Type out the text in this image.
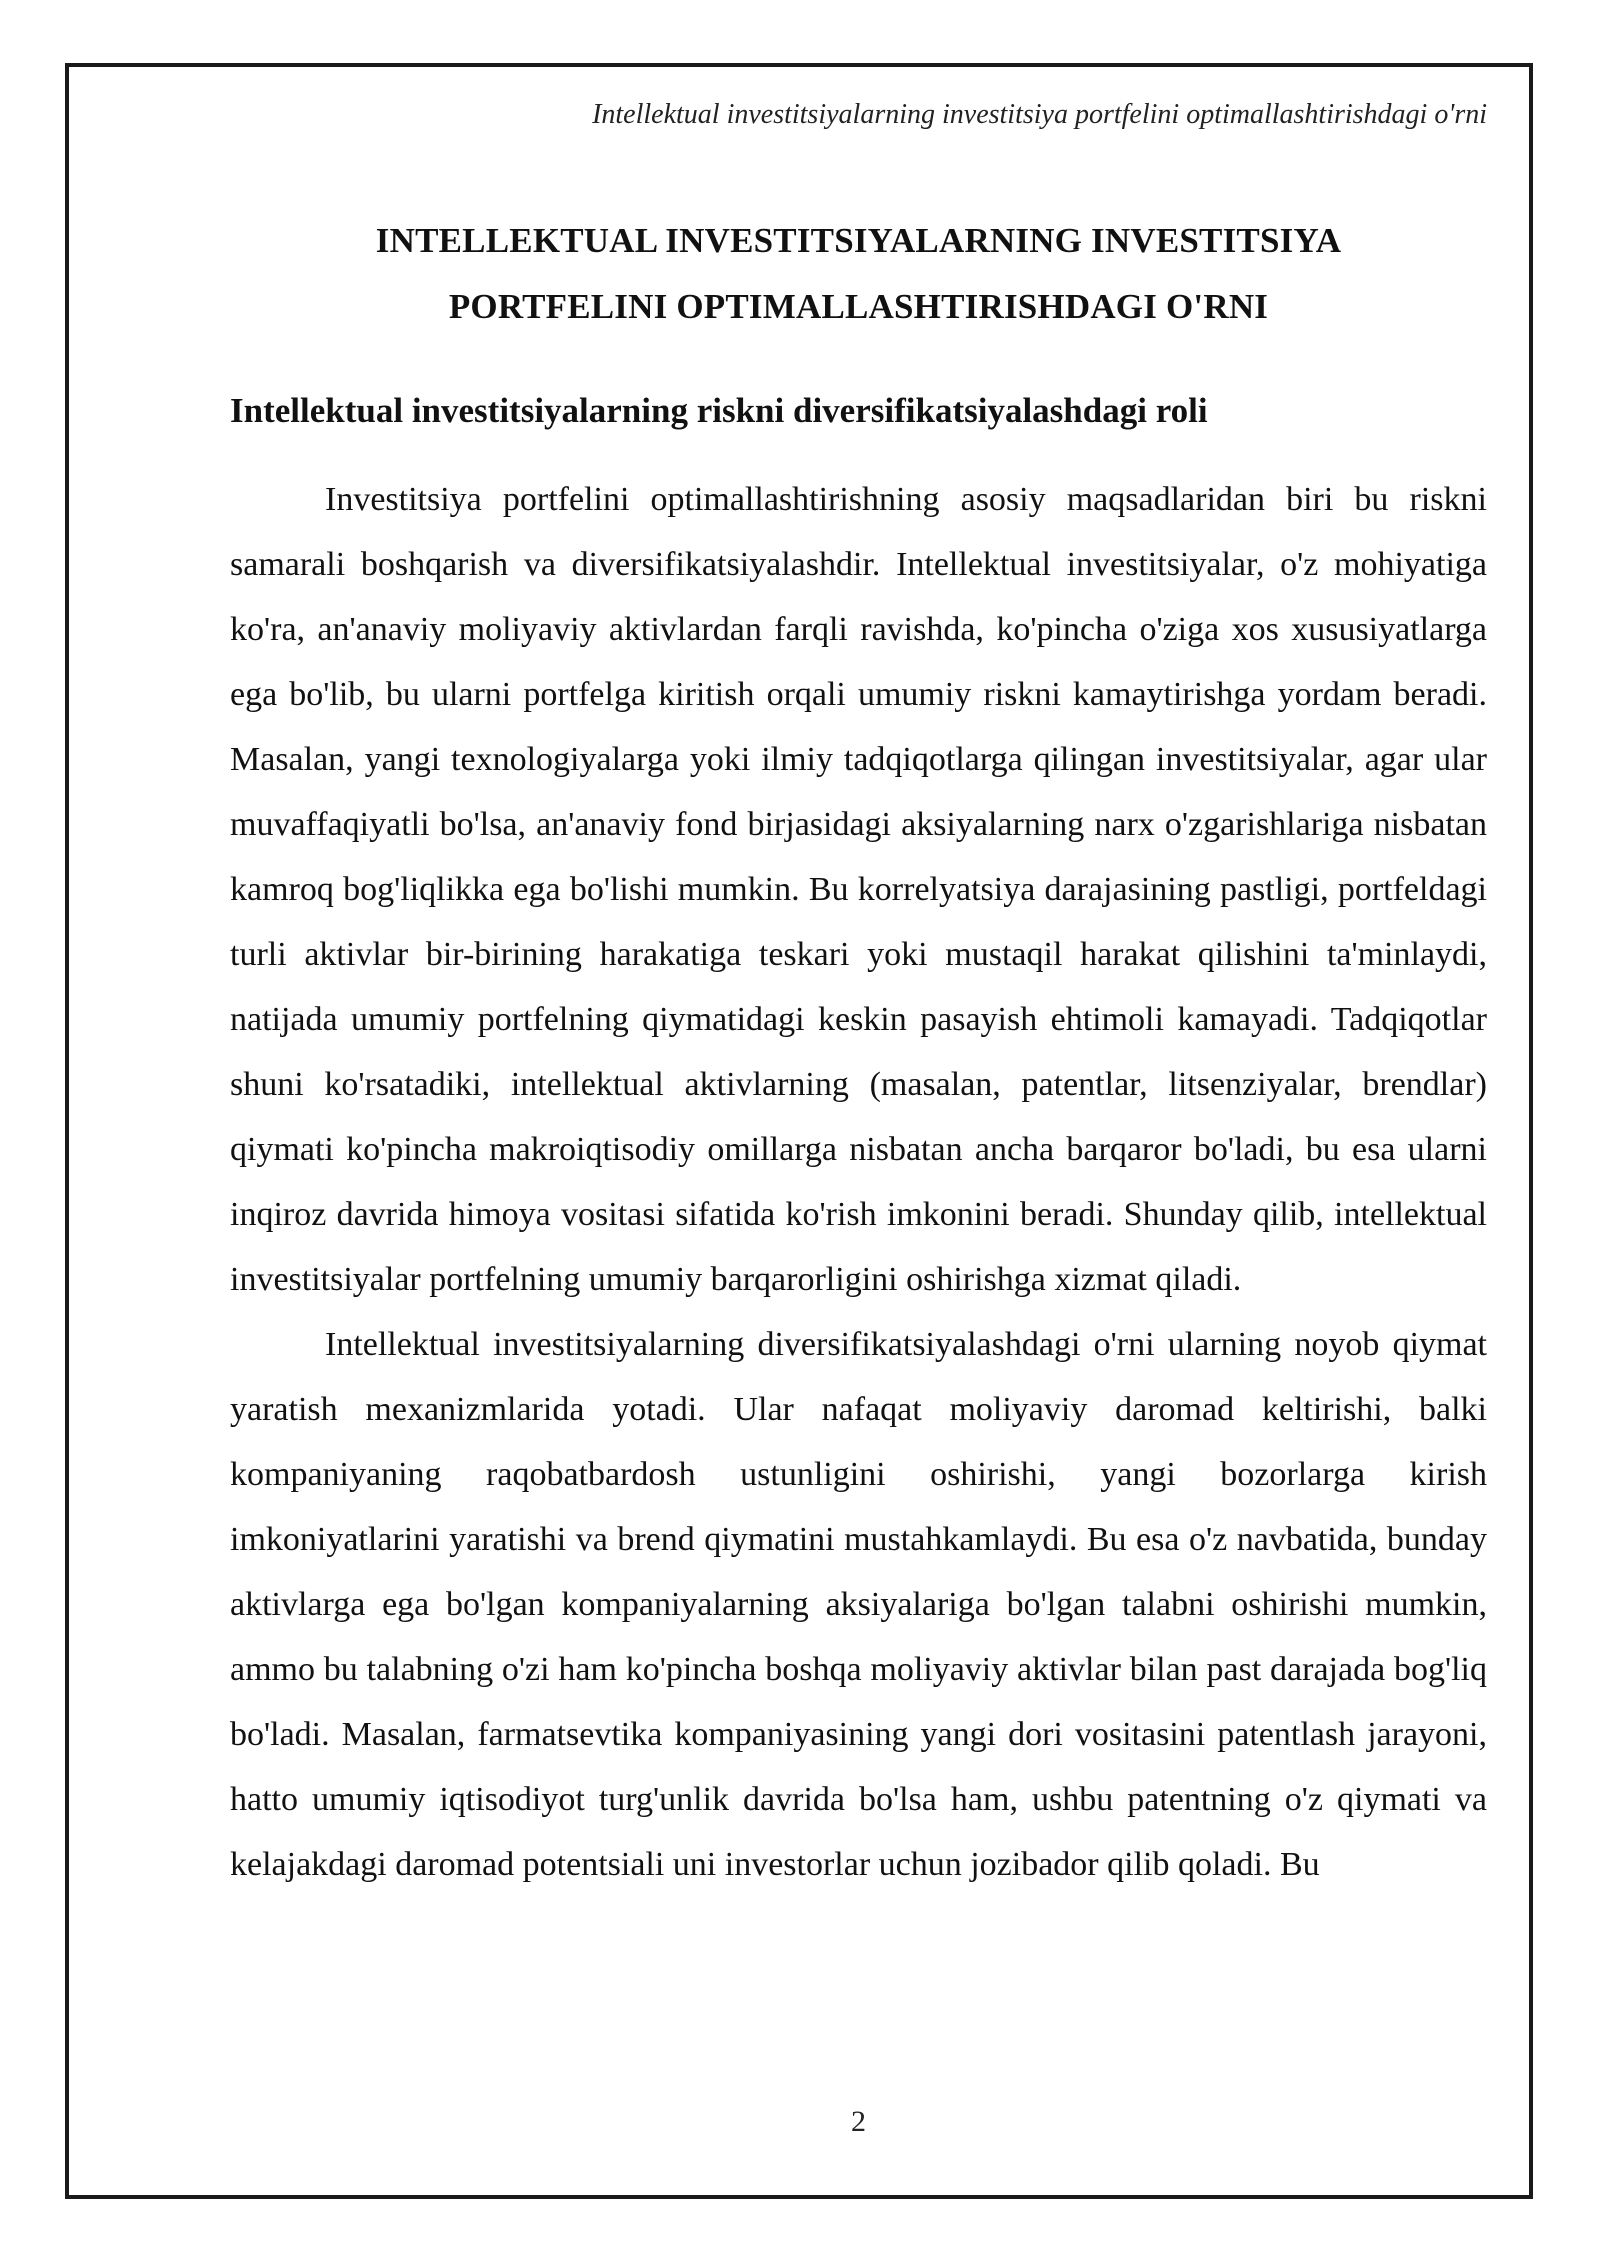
Intellektual investitsiyalarning investitsiya portfelini optimallashtirishdagi o'rni
INTELLEKTUAL INVESTITSIYALARNING INVESTITSIYA
PORTFELINI OPTIMALLASHTIRISHDAGI O'RNI
Intellektual investitsiyalarning riskni diversifikatsiyalashdagi roli

Investitsiya portfelini optimallashtirishning asosiy maqsadlaridan biri bu riskni samarali boshqarish va diversifikatsiyalashdir. Intellektual investitsiyalar, o'z mohiyatiga ko'ra, an'anaviy moliyaviy aktivlardan farqli ravishda, ko'pincha o'ziga xos xususiyatlarga ega bo'lib, bu ularni portfelga kiritish orqali umumiy riskni kamaytirishga yordam beradi. Masalan, yangi texnologiyalarga yoki ilmiy tadqiqotlarga qilingan investitsiyalar, agar ular muvaffaqiyatli bo'lsa, an'anaviy fond birjasidagi aksiyalarning narx o'zgarishlariga nisbatan kamroq bog'liqlikka ega bo'lishi mumkin. Bu korrelyatsiya darajasining pastligi, portfeldagi turli aktivlar bir-birining harakatiga teskari yoki mustaqil harakat qilishini ta'minlaydi, natijada umumiy portfelning qiymatidagi keskin pasayish ehtimoli kamayadi. Tadqiqotlar shuni ko'rsatadiki, intellektual aktivlarning (masalan, patentlar, litsenziyalar, brendlar) qiymati ko'pincha makroiqtisodiy omillarga nisbatan ancha barqaror bo'ladi, bu esa ularni inqiroz davrida himoya vositasi sifatida ko'rish imkonini beradi. Shunday qilib, intellektual investitsiyalar portfelning umumiy barqarorligini oshirishga xizmat qiladi.

Intellektual investitsiyalarning diversifikatsiyalashdagi o'rni ularning noyob qiymat yaratish mexanizmlarida yotadi. Ular nafaqat moliyaviy daromad keltirishi, balki kompaniyaning raqobatbardosh ustunligini oshirishi, yangi bozorlarga kirish imkoniyatlarini yaratishi va brend qiymatini mustahkamlaydi. Bu esa o'z navbatida, bunday aktivlarga ega bo'lgan kompaniyalarning aksiyalariga bo'lgan talabni oshirishi mumkin, ammo bu talabning o'zi ham ko'pincha boshqa moliyaviy aktivlar bilan past darajada bog'liq bo'ladi. Masalan, farmatsevtika kompaniyasining yangi dori vositasini patentlash jarayoni, hatto umumiy iqtisodiyot turg'unlik davrida bo'lsa ham, ushbu patentning o'z qiymati va kelajakdagi daromad potentsiali uni investorlar uchun jozibador qilib qoladi. Bu

2
